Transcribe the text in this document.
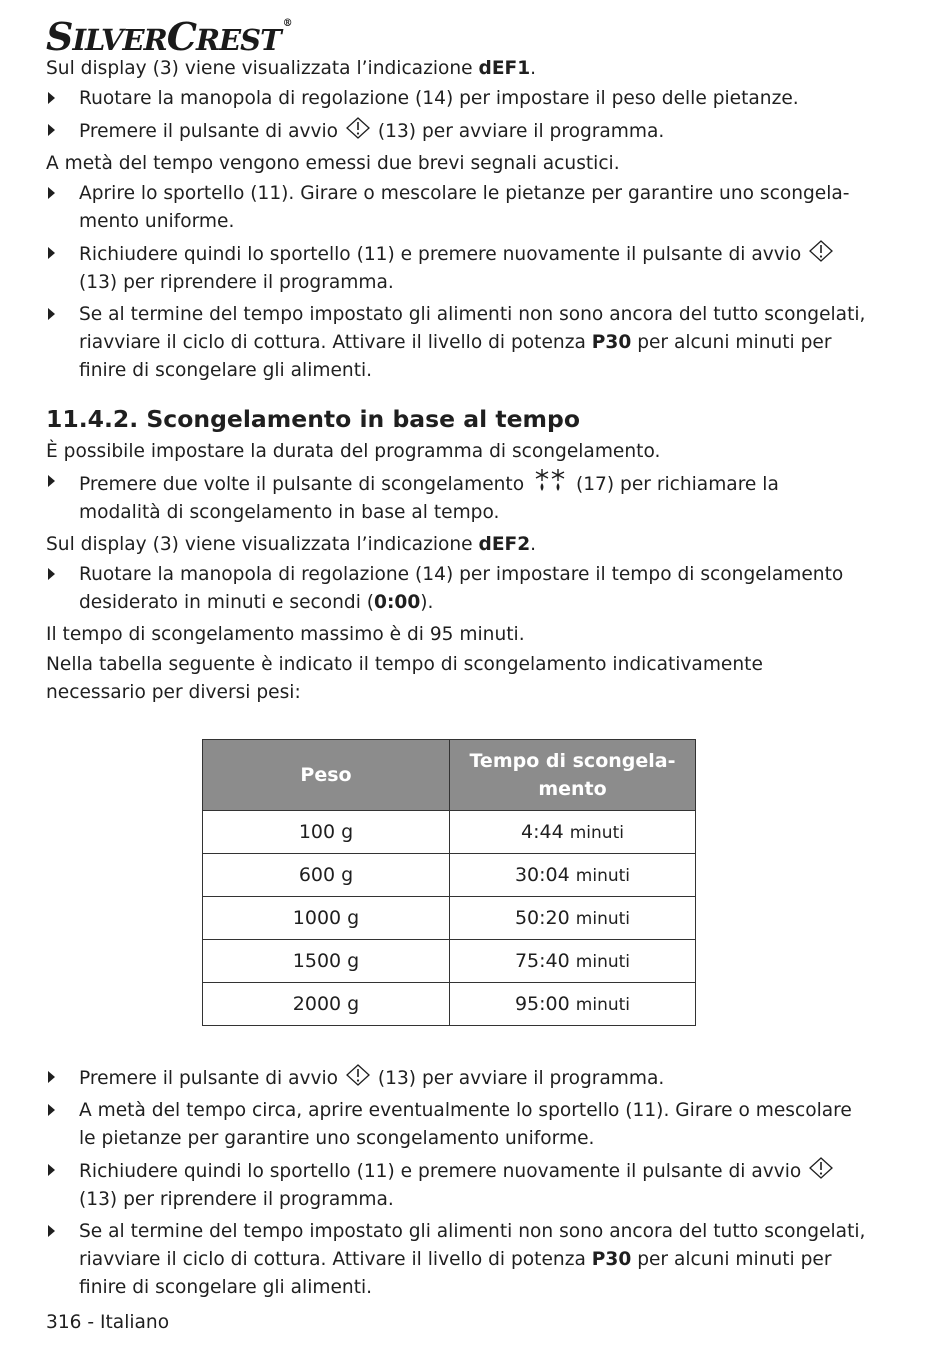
SILVERCREST ®

Sul display (3) viene visualizzata l’indicazione dEF1.

Ruotare la manopola di regolazione (14) per impostare il peso delle pietanze.
Premere il pulsante di avvio (13) per avviare il programma.

A metà del tempo vengono emessi due brevi segnali acustici.

Aprire lo sportello (11). Girare o mescolare le pietanze per garantire uno scongelamento uniforme.
Richiudere quindi lo sportello (11) e premere nuovamente il pulsante di avvio  (13) per riprendere il programma.
Se al termine del tempo impostato gli alimenti non sono ancora del tutto scongelati, riavviare il ciclo di cottura. Attivare il livello di potenza P30 per alcuni minuti per finire di scongelare gli alimenti.
11.4.2. Scongelamento in base al tempo

È possibile impostare la durata del programma di scongelamento.

Premere due volte il pulsante di scongelamento	(17) per richiamare la modalità di scongelamento in base al tempo.

Sul display (3) viene visualizzata l’indicazione dEF2.

Ruotare la manopola di regolazione (14) per impostare il tempo di scongelamento desiderato in minuti e secondi (0:00).

Il tempo di scongelamento massimo è di 95 minuti.

Nella tabella seguente è indicato il tempo di scongelamento indicativamente necessario per diversi pesi:

Peso	Tempo di scongelamento
100 g	4:44 minuti
600 g	30:04 minuti
1000 g	50:20 minuti
1500 g	75:40 minuti
2000 g	95:00 minuti
Premere il pulsante di avvio (13) per avviare il programma.
A metà del tempo circa, aprire eventualmente lo sportello (11). Girare o mescolare le pietanze per garantire uno scongelamento uniforme.
Richiudere quindi lo sportello (11) e premere nuovamente il pulsante di avvio  (13) per riprendere il programma.
Se al termine del tempo impostato gli alimenti non sono ancora del tutto scongelati, riavviare il ciclo di cottura. Attivare il livello di potenza P30 per alcuni minuti per finire di scongelare gli alimenti.
316 - Italiano
